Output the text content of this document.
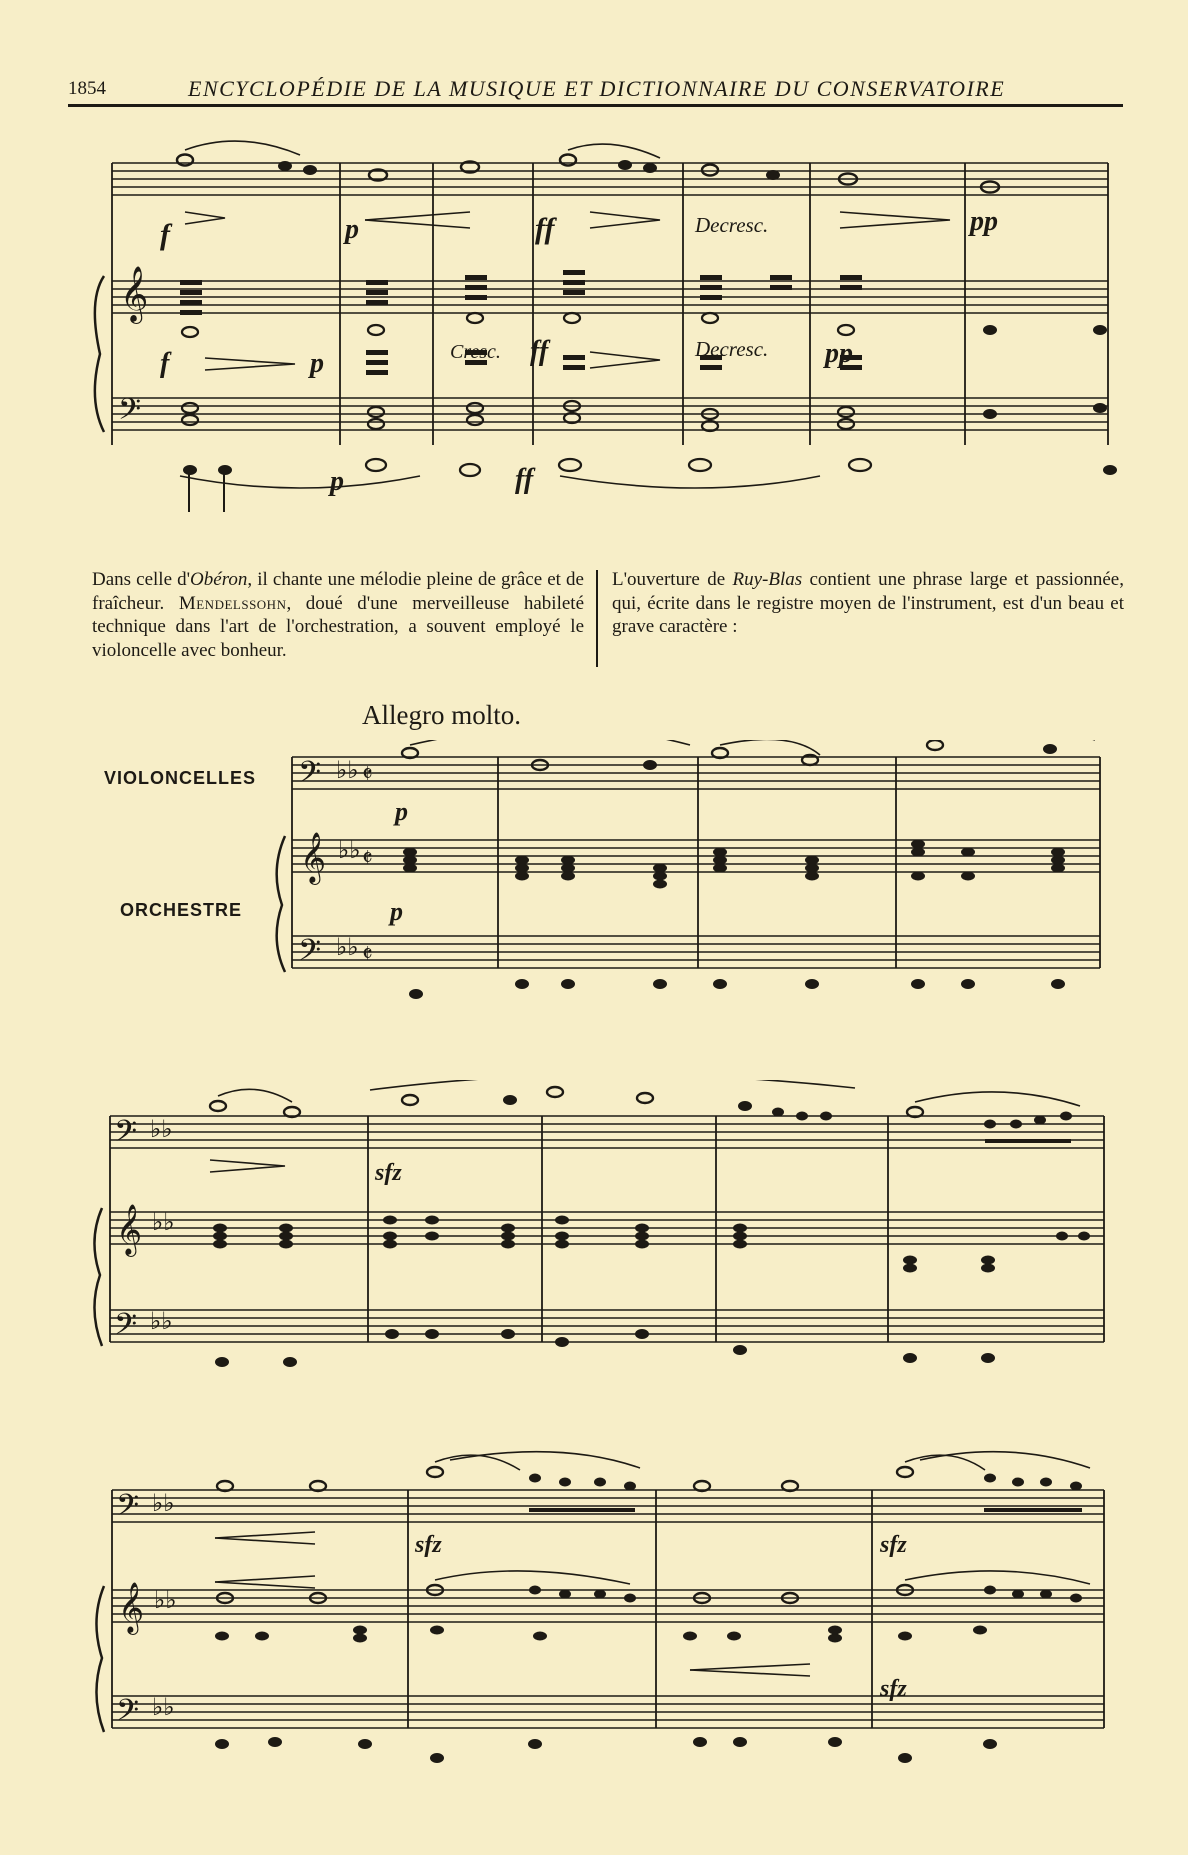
1854	ENCYCLOPÉDIE DE LA MUSIQUE ET DICTIONNAIRE DU CONSERVATOIRE
𝄞
𝄢
f	p	ff	Decresc.	pp
f	p	Cresc. ff	Decresc. pp
p	ff
Dans celle d'Obéron, il chante une mélodie pleine de grâce et de fraîcheur. Mendelssohn, doué d'une merveilleuse habileté technique dans l'art de l'orchestration, a souvent employé le violoncelle avec bonheur.
L'ouverture de Ruy-Blas contient une phrase large et passionnée, qui, écrite dans le registre moyen de l'instrument, est d'un beau et grave caractère :
Allegro molto.
VIOLONCELLES
ORCHESTRE
𝄢
𝄞
𝄢
♭♭
♭♭
♭♭
𝄵
𝄵
𝄵
p
p
𝄢
𝄞
𝄢
♭♭
♭♭
♭♭
sfz
𝄢
𝄞
𝄢
♭♭
♭♭
♭♭
sfz	sfz
sfz
